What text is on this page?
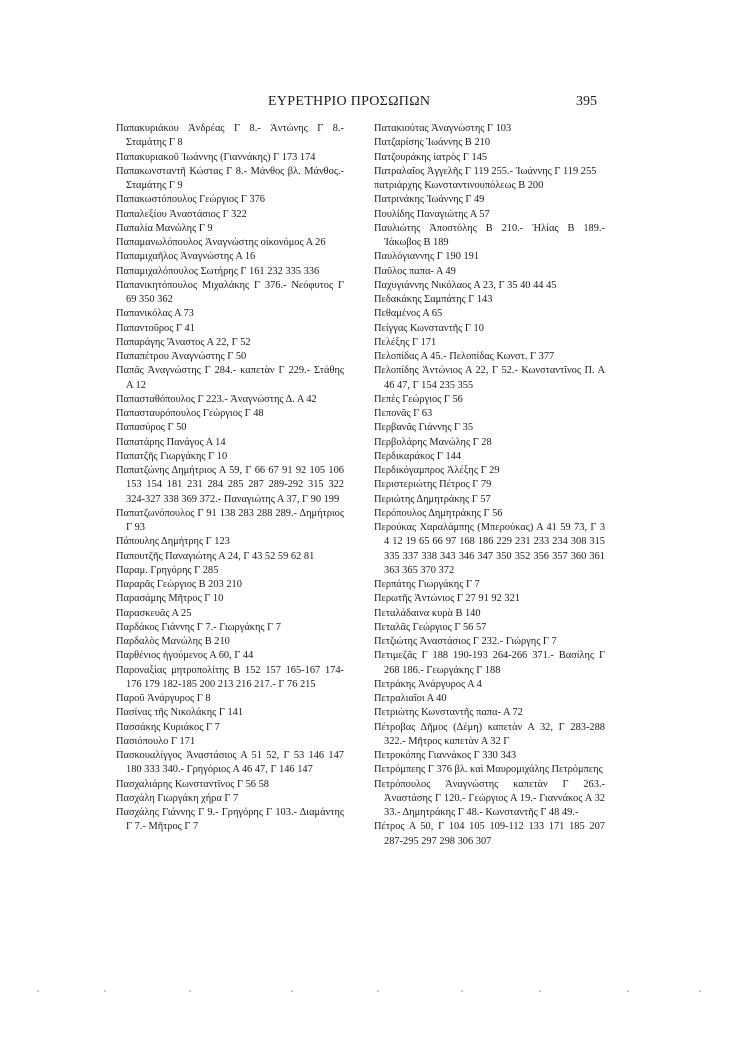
ΕΥΡΕΤΗΡΙΟ ΠΡΟΣΩΠΩΝ	395

Παπακυριάκου Ἀνδρέας Γ 8.- Ἀντώνης Γ 8.- Σταμάτης Γ 8

Παπακυριακοῦ Ἰωάννης (Γιαννάκης) Γ 173 174

Παπακωνσταντῆ Κώστας Γ 8.- Μάνθος βλ. Μάνθος.- Σταμάτης Γ 9

Παπακωστόπουλος Γεώργιος Γ 376

Παπαλεξίου Ἀναστάσιος Γ 322

Παπαλία Μανώλης Γ 9

Παπαμανωλόπουλος Ἀναγνώστης οἰκονόμος Α 26

Παπαμιχαῆλος Ἀναγνώστης Α 16

Παπαμιχαλόπουλος Σωτήρης Γ 161 232 335 336

Παπανικητόπουλος Μιχαλάκης Γ 376.- Νεόφυτος Γ 69 350 362

Παπανικόλας Α 73

Παπαντοῦρος Γ 41

Παπαράγης Ἄναστος Α 22, Γ 52

Παπαπέτρου Ἀναγνώστης Γ 50

Παπᾶς Ἀναγνώστης Γ 284.- καπετὰν Γ 229.- Στάθης Α 12

Παπασταθόπουλος Γ 223.- Ἀναγνώστης Δ. Α 42

Παπασταυρόπουλος Γεώργιος Γ 48

Παπασύρος Γ 50

Παπατάρης Πανάγος Α 14

Παπατζῆς Γιωργάκης Γ 10

Παπατζώνης Δημήτριος Α 59, Γ 66 67 91 92 105 106 153 154 181 231 284 285 287 289-292 315 322 324-327 338 369 372.- Παναγιώτης Α 37, Γ 90 199

Παπατζωνόπουλος Γ 91 138 283 288 289.- Δημήτριος Γ 93

Πάπουλης Δημήτρης Γ 123

Παπουτζῆς Παναγιώτης Α 24, Γ 43 52 59 62 81

Παραμ. Γρηγόρης Γ 285

Παραρᾶς Γεώργιος Β 203 210

Παρασάμης Μῆτρος Γ 10

Παρασκευᾶς Α 25

Παρδάκος Γιάννης Γ 7.- Γιωργάκης Γ 7

Παρδαλὸς Μανώλης Β 210

Παρθένιος ἡγούμενος Α 60, Γ 44

Παροναξίας μητροπολίτης Β 152 157 165-167 174-176 179 182-185 200 213 216 217.- Γ 76 215

Παροῦ Ἀνάργυρος Γ 8

Πασίνας τῆς Νικολάκης Γ 141

Πασσάκης Κυριάκος Γ 7

Πασιόπουλο Γ 171

Πασκουαλίγγος Ἀναστάσιος Α 51 52, Γ 53 146 147 180 333 340.- Γρηγόριος Α 46 47, Γ 146 147

Πασχαλιάρης Κωνσταντῖνος Γ 56 58

Πασχάλη Γιωργάκη χήρα Γ 7

Πασχάλης Γιάννης Γ 9.- Γρηγόρης Γ 103.- Διαμάντης Γ 7.- Μῆτρος Γ 7

Πατακιούτας Ἀναγνώστης Γ 103

Πατζαρίσης Ἰωάννης Β 210

Πατζουράκης ἰατρὸς Γ 145

Πατραλαῖος Ἀγγελῆς Γ 119 255.- Ἰωάννης Γ 119 255

πατριάρχης Κωνσταντινουπόλεως Β 200

Πατρινάκης Ἰωάννης Γ 49

Πουλίδης Παναγιώτης Α 57

Παυλιώτης Ἀποστόλης Β 210.- Ἠλίας Β 189.- Ἰάκωβος Β 189

Παυλόγιαννης Γ 190 191

Παῦλος παπα- Α 49

Παχυγιάννης Νικόλαος Α 23, Γ 35 40 44 45

Πεδακάκης Σαμπάτης Γ 143

Πεθαμένος Α 65

Πείγγας Κωνσταντῆς Γ 10

Πελέξης Γ 171

Πελοπίδας Α 45.- Πελοπίδας Κωνστ. Γ 377

Πελοπίδης Ἀντώνιος Α 22, Γ 52.- Κωνσταντῖνος Π. Α 46 47, Γ 154 235 355

Πεπὲς Γεώργιος Γ 56

Πεπονᾶς Γ 63

Περβανᾶς Γιάννης Γ 35

Περβολάρης Μανώλης Γ 28

Περδικαράκος Γ 144

Περδικόγαμπρος Ἀλέξης Γ 29

Περιστεριώτης Πέτρος Γ 79

Περιώτης Δημητράκης Γ 57

Περόπουλος Δημητράκης Γ 56

Περούκας Χαραλάμπης (Μπερούκας) Α 41 59 73, Γ 3 4 12 19 65 66 97 168 186 229 231 233 234 308 315 335 337 338 343 346 347 350 352 356 357 360 361 363 365 370 372

Περπάτης Γιωργάκης Γ 7

Περωτῆς Ἀντώνιος Γ 27 91 92 321

Πεταλάδαινα κυρὰ Β 140

Πεταλᾶς Γεώργιος Γ 56 57

Πετζιώτης Ἀναστάσιος Γ 232.- Γιώργης Γ 7

Πετιμεζᾶς Γ 188 190-193 264-266 371.- Βασίλης Γ 268 186.- Γεωργάκης Γ 188

Πετράκης Ἀνάργυρος Α 4

Πετραλιαῖοι Α 40

Πετριώτης Κωνσταντῆς παπα- Α 72

Πέτροβας Δῆμος (Δέμη) καπετὰν Α 32, Γ 283-288 322.- Μῆτρος καπετὰν Α 32 Γ

Πετροκόπης Γιαννάκος Γ 330 343

Πετρόμπεης Γ 376 βλ. καὶ Μαυρομιχάλης Πετρόμπεης

Πετρόπουλος Ἀναγνώστης καπετὰν Γ 263.- Ἀναστάσης Γ 120.- Γεώργιος Α 19.- Γιαννάκος Α 32 33.- Δημητράκης Γ 48.- Κωνσταντῆς Γ 48 49.-

Πέτρος Α 50, Γ 104 105 109-112 133 171 185 207 287-295 297 298 306 307
